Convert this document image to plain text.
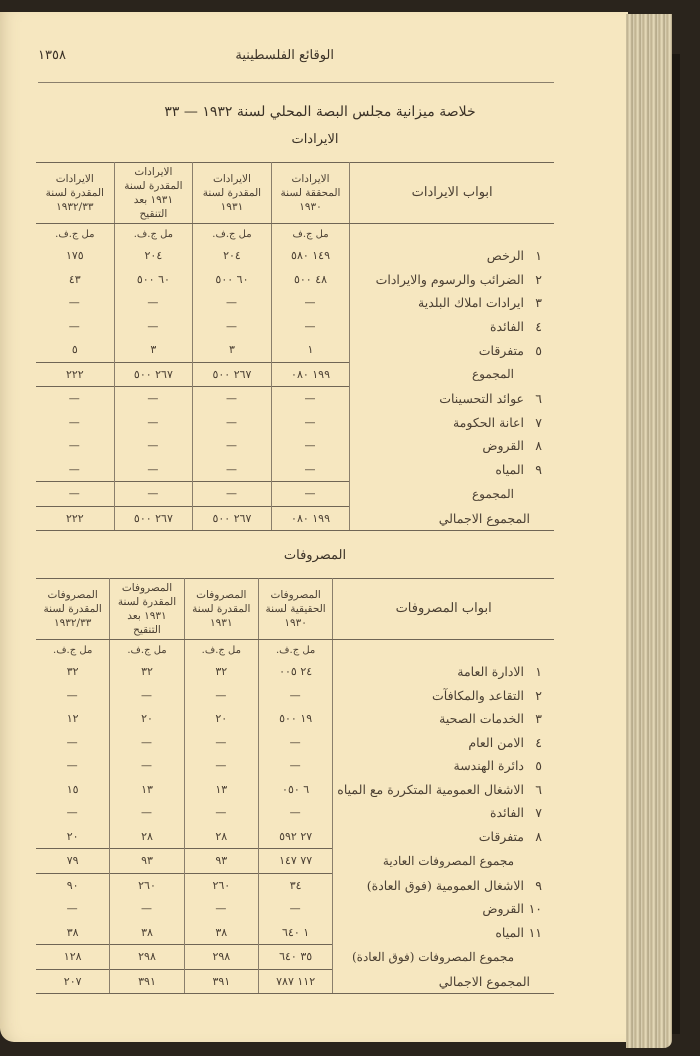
الوقائع الفلسطينية
١٣٥٨
خلاصة ميزانية مجلس البصة المحلي لسنة ١٩٣٢ — ٣٣
الايرادات
ابواب الايرادات	الايرادات المحققة لسنة ١٩٣٠	الايرادات المقدرة لسنة ١٩٣١	الايرادات المقدرة لسنة ١٩٣١ بعد التنقيح	الايرادات المقدرة لسنة ١٩٣٢/٣٣
	مل ج.ف	مل ج.ف.	مل ج.ف.	مل ج.ف.
١الرخص	١٤٩ ٥٨٠	٢٠٤	٢٠٤	١٧٥
٢الضرائب والرسوم والايرادات	٤٨ ٥٠٠	٦٠ ٥٠٠	٦٠ ٥٠٠	٤٣
٣ايرادات املاك البلدية	—	—	—	—
٤الفائدة	—	—	—	—
٥متفرقات	١	٣	٣	٥
المجموع	١٩٩ ٠٨٠	٢٦٧ ٥٠٠	٢٦٧ ٥٠٠	٢٢٢
٦عوائد التحسينات	—	—	—	—
٧اعانة الحكومة	—	—	—	—
٨القروض	—	—	—	—
٩المياه	—	—	—	—
المجموع	—	—	—	—
المجموع الاجمالي	١٩٩ ٠٨٠	٢٦٧ ٥٠٠	٢٦٧ ٥٠٠	٢٢٢
المصروفات
ابواب المصروفات	المصروفات الحقيقية لسنة ١٩٣٠	المصروفات المقدرة لسنة ١٩٣١	المصروفات المقدرة لسنة ١٩٣١ بعد التنقيح	المصروفات المقدرة لسنة ١٩٣٢/٣٣
	مل ج.ف.	مل ج.ف.	مل ج.ف.	مل ج.ف.
١الادارة العامة	٢٤ ٠٠٥	٣٢	٣٢	٣٢
٢التقاعد والمكافآت	—	—	—	—
٣الخدمات الصحية	١٩ ٥٠٠	٢٠	٢٠	١٢
٤الامن العام	—	—	—	—
٥دائرة الهندسة	—	—	—	—
٦الاشغال العمومية المتكررة مع المياه	٦ ٠٥٠	١٣	١٣	١٥
٧الفائدة	—	—	—	—
٨متفرقات	٢٧ ٥٩٢	٢٨	٢٨	٢٠
مجموع المصروفات العادية	٧٧ ١٤٧	٩٣	٩٣	٧٩
٩الاشغال العمومية (فوق العادة)	٣٤	٢٦٠	٢٦٠	٩٠
١٠القروض	—	—	—	—
١١المياه	١ ٦٤٠	٣٨	٣٨	٣٨
مجموع المصروفات (فوق العادة)	٣٥ ٦٤٠	٢٩٨	٢٩٨	١٢٨
المجموع الاجمالي	١١٢ ٧٨٧	٣٩١	٣٩١	٢٠٧
